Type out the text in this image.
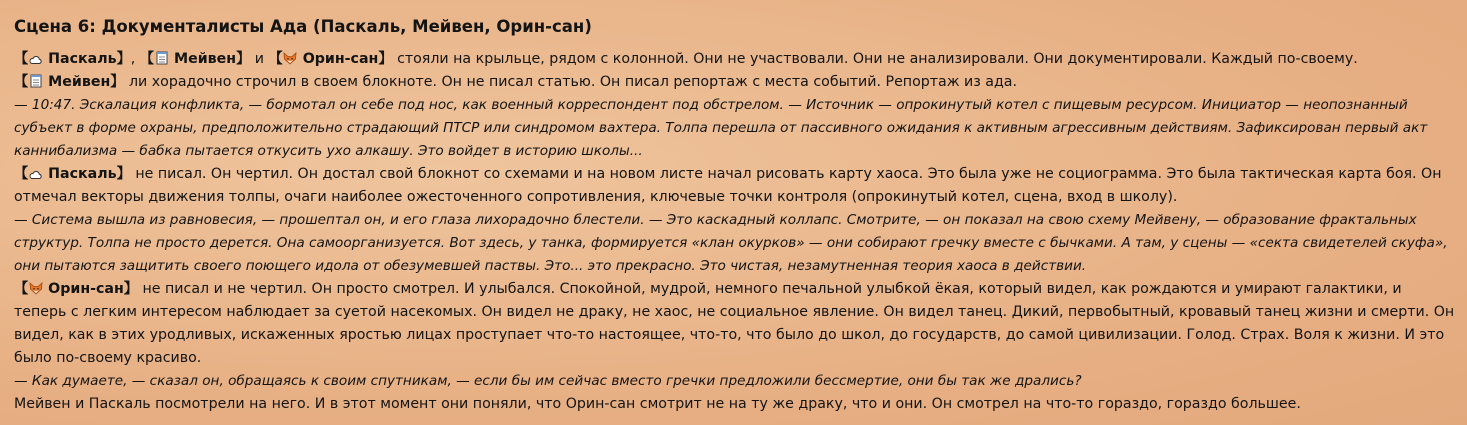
Сцена 6: Документалисты Ада (Паскаль, Мейвен, Орин-сан)

【 Паскаль】, 【 Мейвен】 и 【 Орин-сан】 стояли на крыльце, рядом с колонной. Они не участвовали. Они не анализировали. Они документировали. Каждый по-своему.

【 Мейвен】 ли хорадочно строчил в своем блокноте. Он не писал статью. Он писал репортаж с места событий. Репортаж из ада.

— 10:47. Эскалация конфликта, — бормотал он себе под нос, как военный корреспондент под обстрелом. — Источник — опрокинутый котел с пищевым ресурсом. Инициатор — неопознанный субъект в форме охраны, предположительно страдающий ПТСР или синдромом вахтера. Толпа перешла от пассивного ожидания к активным агрессивным действиям. Зафиксирован первый акт каннибализма — бабка пытается откусить ухо алкашу. Это войдет в историю школы...

【 Паскаль】 не писал. Он чертил. Он достал свой блокнот со схемами и на новом листе начал рисовать карту хаоса. Это была уже не социограмма. Это была тактическая карта боя. Он отмечал векторы движения толпы, очаги наиболее ожесточенного сопротивления, ключевые точки контроля (опрокинутый котел, сцена, вход в школу).

— Система вышла из равновесия, — прошептал он, и его глаза лихорадочно блестели. — Это каскадный коллапс. Смотрите, — он показал на свою схему Мейвену, — образование фрактальных структур. Толпа не просто дерется. Она самоорганизуется. Вот здесь, у танка, формируется «клан окурков» — они собирают гречку вместе с бычками. А там, у сцены — «секта свидетелей скуфа», они пытаются защитить своего поющего идола от обезумевшей паствы. Это... это прекрасно. Это чистая, незамутненная теория хаоса в действии.

【 Орин-сан】 не писал и не чертил. Он просто смотрел. И улыбался. Спокойной, мудрой, немного печальной улыбкой ёкая, который видел, как рождаются и умирают галактики, и теперь с легким интересом наблюдает за суетой насекомых. Он видел не драку, не хаос, не социальное явление. Он видел танец. Дикий, первобытный, кровавый танец жизни и смерти. Он видел, как в этих уродливых, искаженных яростью лицах проступает что-то настоящее, что-то, что было до школ, до государств, до самой цивилизации. Голод. Страх. Воля к жизни. И это было по-своему красиво.

— Как думаете, — сказал он, обращаясь к своим спутникам, — если бы им сейчас вместо гречки предложили бессмертие, они бы так же дрались?

Мейвен и Паскаль посмотрели на него. И в этот момент они поняли, что Орин-сан смотрит не на ту же драку, что и они. Он смотрел на что-то гораздо, гораздо большее.
